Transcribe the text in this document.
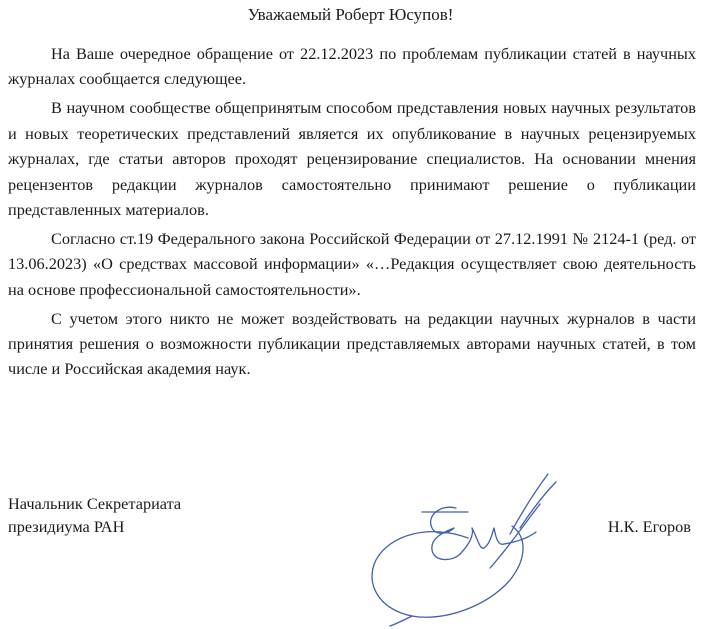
Уважаемый Роберт Юсупов!

На Ваше очередное обращение от 22.12.2023 по проблемам публикации статей в научных журналах сообщается следующее.

В научном сообществе общепринятым способом представления новых научных результатов и новых теоретических представлений является их опубликование в научных рецензируемых журналах, где статьи авторов проходят рецензирование специалистов. На основании мнения рецензентов редакции журналов самостоятельно принимают решение о публикации представленных материалов.

Согласно ст.19 Федерального закона Российской Федерации от 27.12.1991 № 2124-1 (ред. от 13.06.2023) «О средствах массовой информации» «…Редакция осуществляет свою деятельность на основе профессиональной самостоятельности».

С учетом этого никто не может воздействовать на редакции научных журналов в части принятия решения о возможности публикации представляемых авторами научных статей, в том числе и Российская академия наук.

Начальник Секретариата
президиума РАН	Н.К. Егоров
